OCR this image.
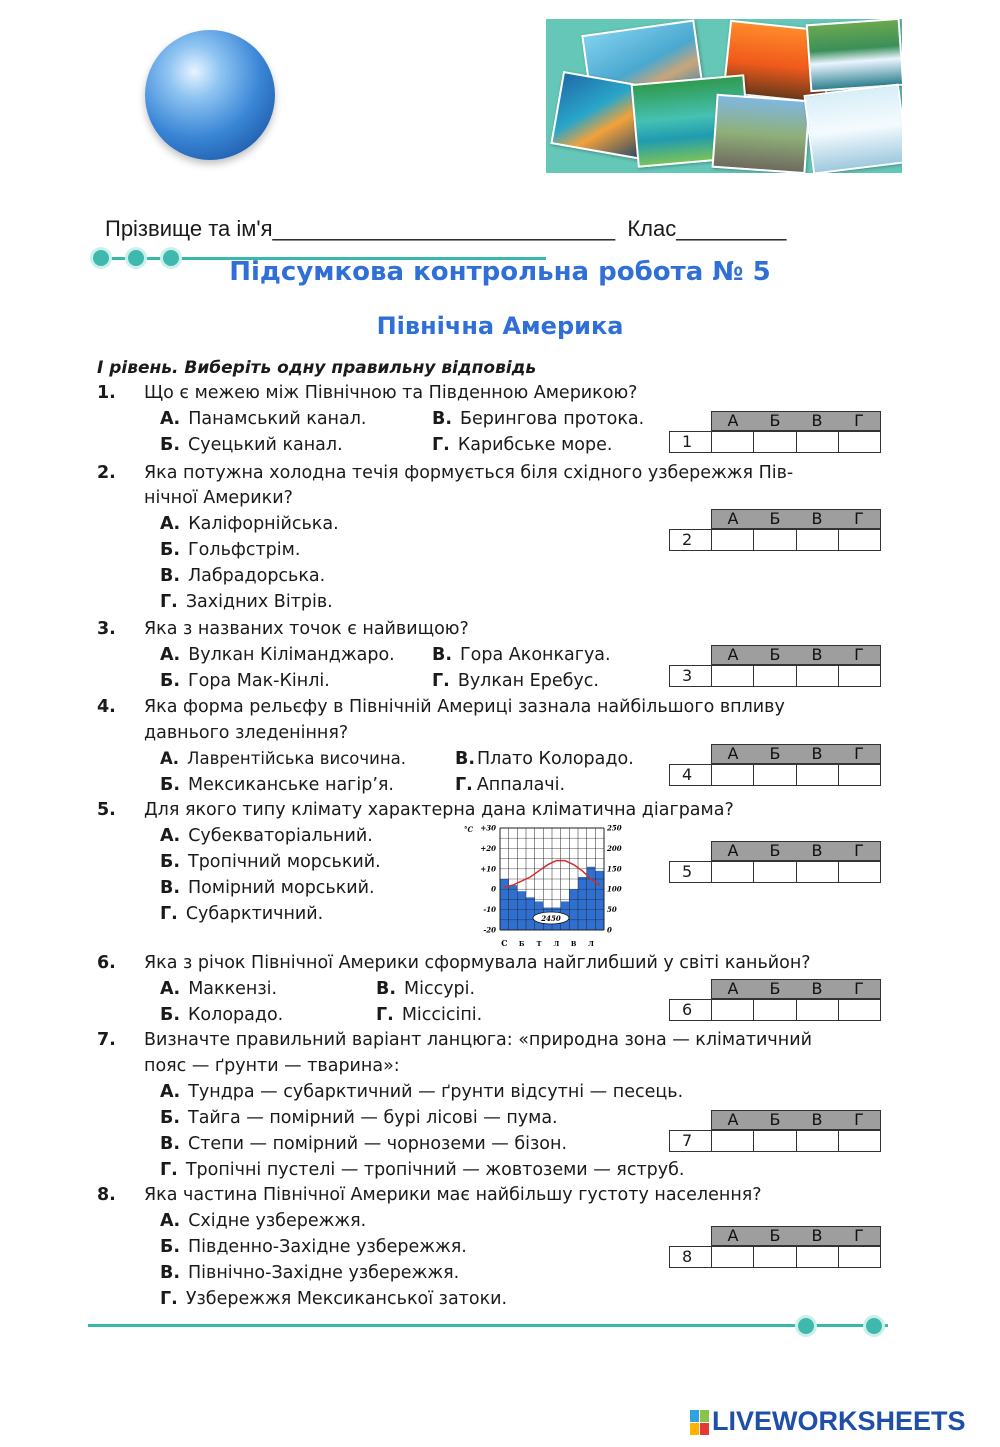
Прізвище та ім'я____________________________  Клас_________
Підсумкова контрольна робота № 5
Північна Америка
І рівень. Виберіть одну правильну відповідь
1. Що є межею між Північною та Південною Америкою?
А. Панамський канал.
Б. Суецький канал.
В. Берингова протока.
Г. Карибське море.
А	Б	В	Г
1
2. Яка потужна холодна течія формується біля східного узбережжя Пів-
нічної Америки?
А. Каліфорнійська.
Б. Гольфстрім.
В. Лабрадорська.
Г. Західних Вітрів.
А	Б	В	Г
2
3. Яка з названих точок є найвищою?
А. Вулкан Кіліманджаро.
Б. Гора Мак-Кінлі.
В. Гора Аконкагуа.
Г. Вулкан Еребус.
А	Б	В	Г
3
4. Яка форма рельєфу в Північній Америці зазнала найбільшого впливу
давнього зледеніння?
А. Лаврентійська височина.
Б. Мексиканське нагір’я.
В. Плато Колорадо.
Г. Аппалачі.
А	Б	В	Г
4
5. Для якого типу клімату характерна дана кліматична діаграма?
А. Субекваторіальний.
Б. Тропічний морський.
В. Помірний морський.
Г. Субарктичний.
А	Б	В	Г
5
°С +30
+20
+10
0
-10
-20
250
200
150
100
50
0
2450
С Б Т Л В Л
6. Яка з річок Північної Америки сформувала найглибший у світі каньйон?
А. Маккензі.
Б. Колорадо.
В. Міссурі.
Г. Міссісіпі.
А	Б	В	Г
6
7. Визначте правильний варіант ланцюга: «природна зона — кліматичний
пояс — ґрунти — тварина»:
А. Тундра — субарктичний — ґрунти відсутні — песець.
Б. Тайга — помірний — бурі лісові — пума.
В. Степи — помірний — чорноземи — бізон.
Г. Тропічні пустелі — тропічний — жовтоземи — яструб.
А	Б	В	Г
7
8. Яка частина Північної Америки має найбільшу густоту населення?
А. Східне узбережжя.
Б. Південно-Західне узбережжя.
В. Північно-Західне узбережжя.
Г. Узбережжя Мексиканської затоки.
А	Б	В	Г
8
LIVEWORKSHEETS
